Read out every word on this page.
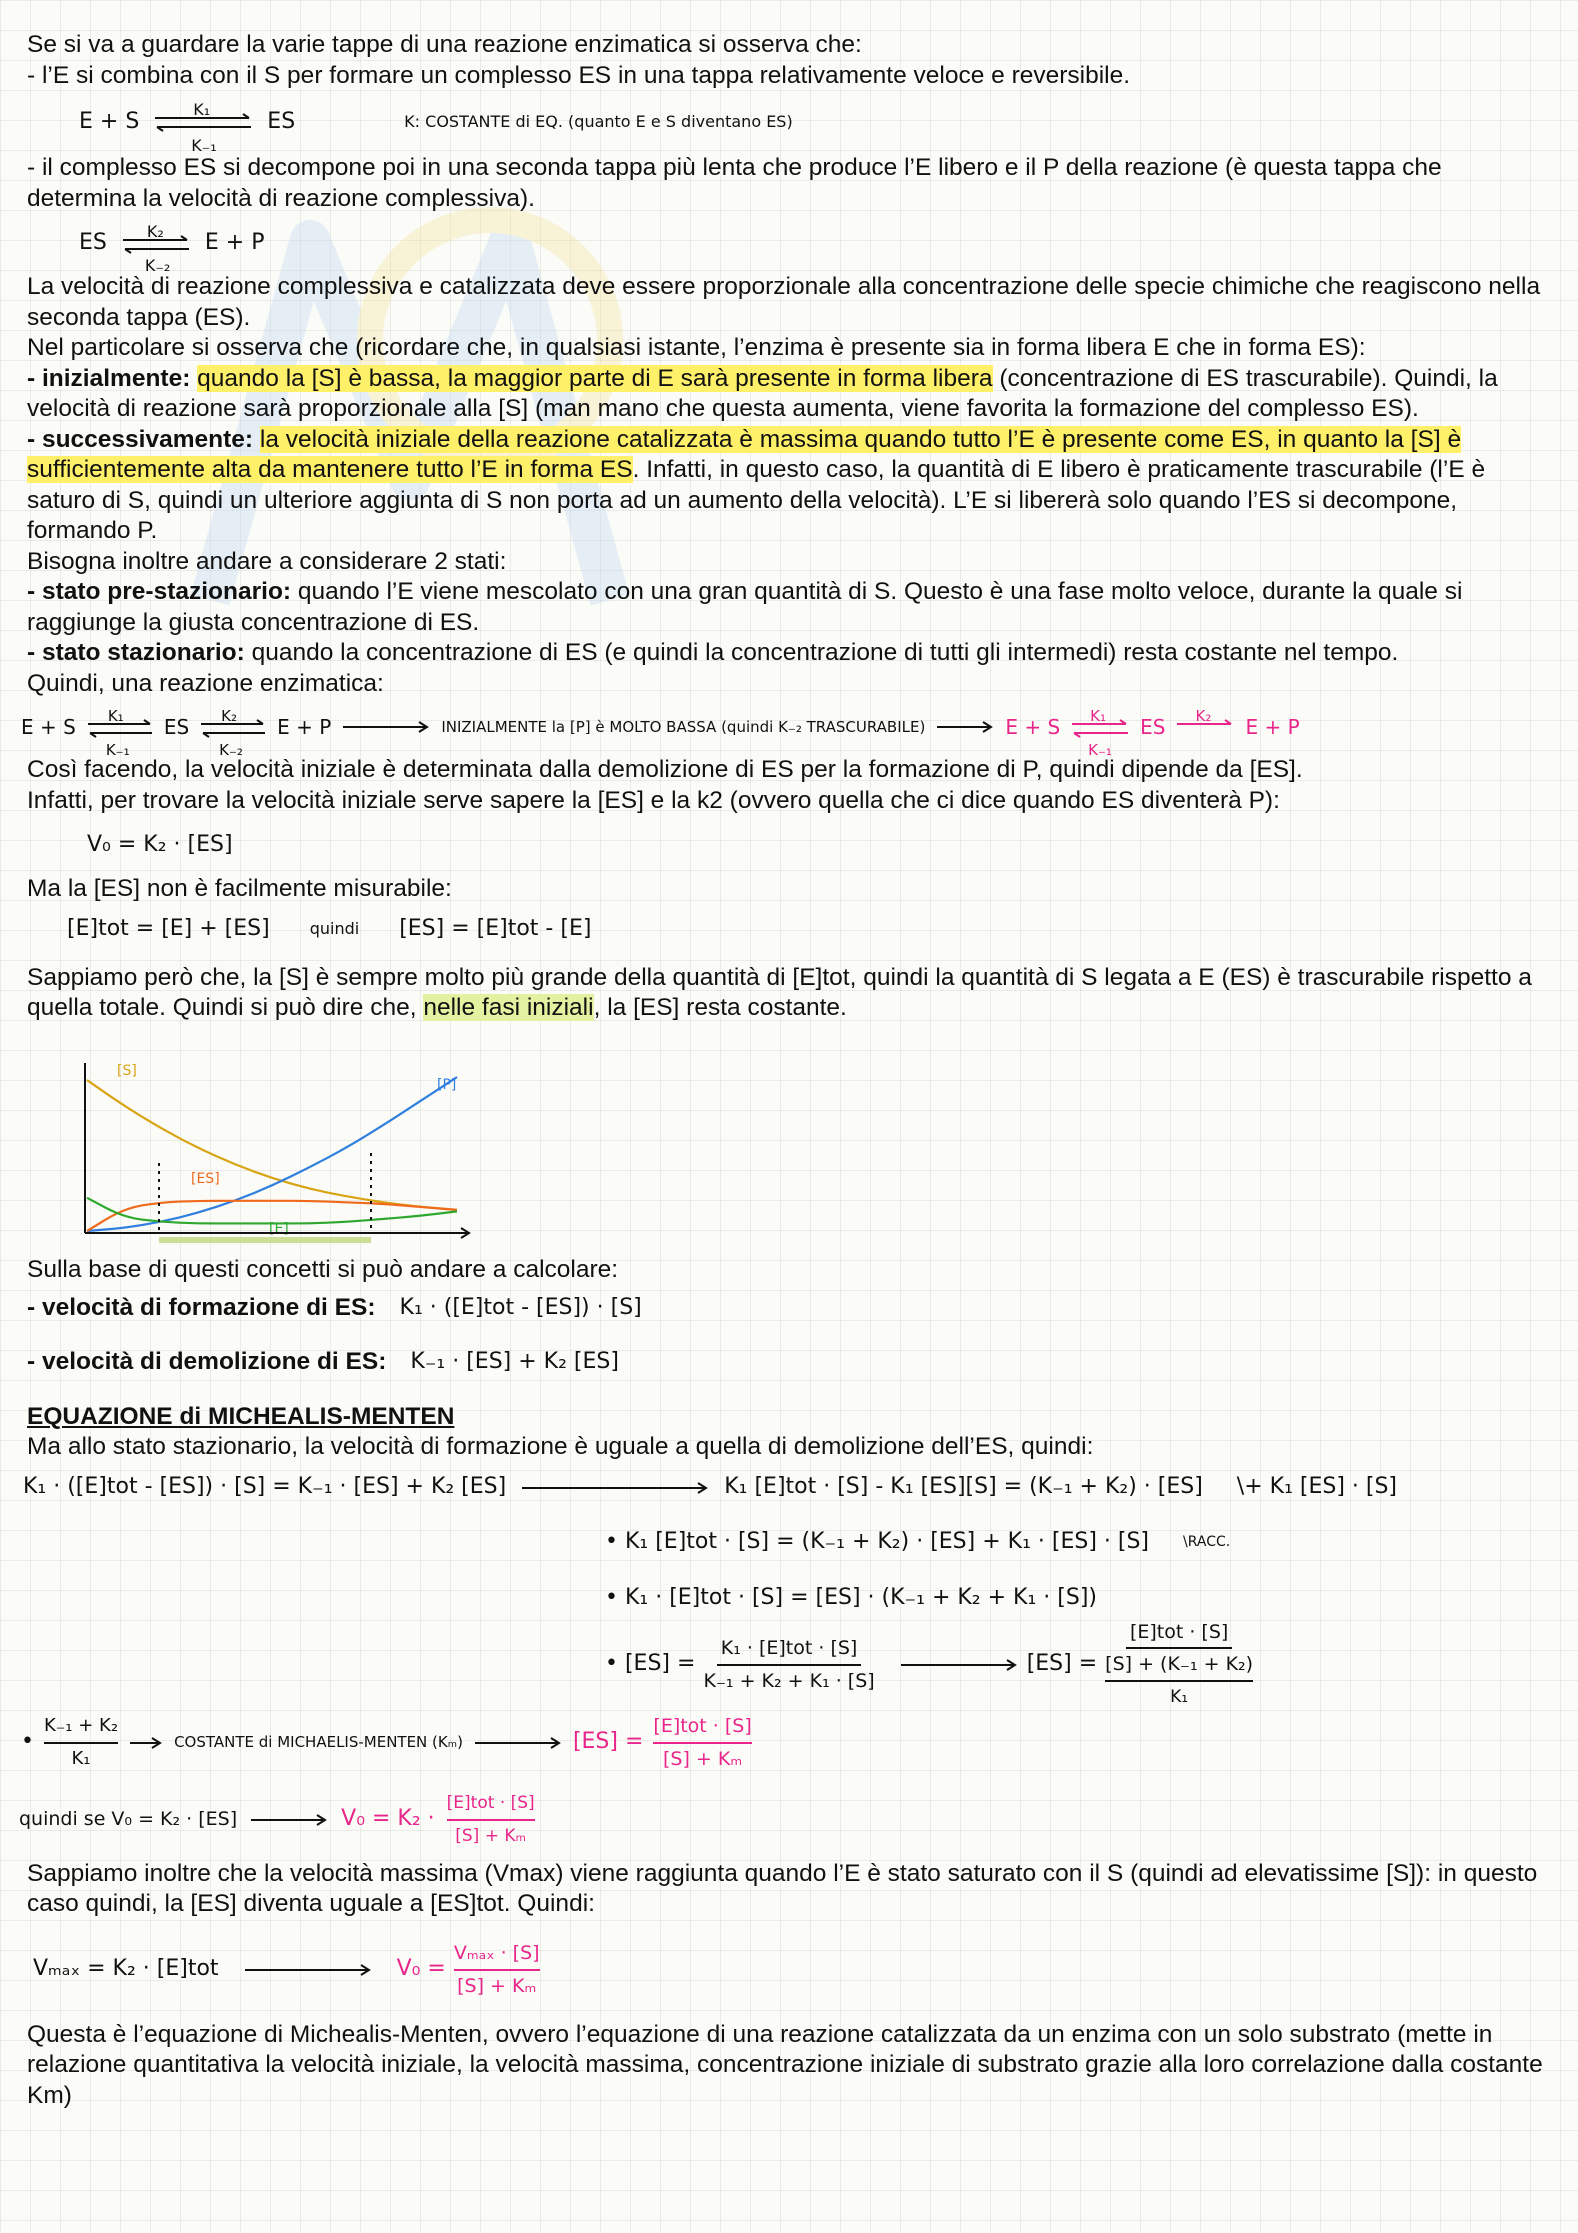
Se si va a guardare la varie tappe di una reazione enzimatica si osserva che:

- l’E si combina con il S per formare un complesso ES in una tappa relativamente veloce e reversibile.

E + S	K₁
K₋₁
ES	K: COSTANTE di EQ. (quanto E e S diventano ES)

- il complesso ES si decompone poi in una seconda tappa più lenta che produce l’E libero e il P della reazione (è questa tappa che determina la velocità di reazione complessiva).

ES	K₂
K₋₂
E + P

La velocità di reazione complessiva e catalizzata deve essere proporzionale alla concentrazione delle specie chimiche che reagiscono nella seconda tappa (ES).

Nel particolare si osserva che (ricordare che, in qualsiasi istante, l’enzima è presente sia in forma libera E che in forma ES):

- inizialmente: quando la [S] è bassa, la maggior parte di E sarà presente in forma libera (concentrazione di ES trascurabile). Quindi, la velocità di reazione sarà proporzionale alla [S] (man mano che questa aumenta, viene favorita la formazione del complesso ES).

- successivamente: la velocità iniziale della reazione catalizzata è massima quando tutto l’E è presente come ES, in quanto la [S] è sufficientemente alta da mantenere tutto l’E in forma ES. Infatti, in questo caso, la quantità di E libero è praticamente trascurabile (l’E è saturo di S, quindi un ulteriore aggiunta di S non porta ad un aumento della velocità). L’E si libererà solo quando l’ES si decompone, formando P.

Bisogna inoltre andare a considerare 2 stati:

- stato pre-stazionario: quando l’E viene mescolato con una gran quantità di S. Questo è una fase molto veloce, durante la quale si raggiunge la giusta concentrazione di ES.

- stato stazionario: quando la concentrazione di ES (e quindi la concentrazione di tutti gli intermedi) resta costante nel tempo.

Quindi, una reazione enzimatica:

E + S K₁
K₋₁
ES K₂
K₋₂
E + P	INIZIALMENTE la [P] è MOLTO BASSA (quindi K₋₂ TRASCURABILE)	E + S K₁
K₋₁
ES K₂ E + P

Così facendo, la velocità iniziale è determinata dalla demolizione di ES per la formazione di P, quindi dipende da [ES].

Infatti, per trovare la velocità iniziale serve sapere la [ES] e la k2 (ovvero quella che ci dice quando ES diventerà P):

V₀ = K₂ · [ES]

Ma la [ES] non è facilmente misurabile:

[E]tot = [E] + [ES]	quindi [ES] = [E]tot - [E]

Sappiamo però che, la [S] è sempre molto più grande della quantità di [E]tot, quindi la quantità di S legata a E (ES) è trascurabile rispetto a quella totale. Quindi si può dire che, nelle fasi iniziali, la [ES] resta costante.

[S]
[P]
[ES]
[E]

Sulla base di questi concetti si può andare a calcolare:

- velocità di formazione di ES: K₁ · ([E]tot - [ES]) · [S]
- velocità di demolizione di ES: K₋₁ · [ES] + K₂ [ES]

EQUAZIONE di MICHEALIS-MENTEN

Ma allo stato stazionario, la velocità di formazione è uguale a quella di demolizione dell’ES, quindi:

K₁ · ([E]tot - [ES]) · [S] = K₋₁ · [ES] + K₂ [ES]	K₁ [E]tot · [S] - K₁ [ES][S] = (K₋₁ + K₂) · [ES] \+ K₁ [ES] · [S]
• K₁ [E]tot · [S] = (K₋₁ + K₂) · [ES] + K₁ · [ES] · [S] \RACC.
• K₁ · [E]tot · [S] = [ES] · (K₋₁ + K₂ + K₁ · [S])
• [ES] =
K₁ · [E]tot · [S]
K₋₁ + K₂ + K₁ · [S]
[ES] =
[E]tot · [S]
[S] + (K₋₁ + K₂)
K₁
• $\frac{\text{K₋₁ + K₂}}{\text{K₁}}$	COSTANTE di MICHAELIS-MENTEN (Kₘ)	[ES] =
[E]tot · [S]
[S] + Kₘ
quindi se V₀ = K₂ · [ES]	V₀ = K₂ ·
[E]tot · [S]
[S] + Kₘ

Sappiamo inoltre che la velocità massima (Vmax) viene raggiunta quando l’E è stato saturato con il S (quindi ad elevatissime [S]): in questo caso quindi, la [ES] diventa uguale a [ES]tot. Quindi:

Vₘₐₓ = K₂ · [E]tot	V₀ =
Vₘₐₓ · [S]
[S] + Kₘ

Questa è l’equazione di Michealis-Menten, ovvero l’equazione di una reazione catalizzata da un enzima con un solo substrato (mette in relazione quantitativa la velocità iniziale, la velocità massima, concentrazione iniziale di substrato grazie alla loro correlazione dalla costante Km)
